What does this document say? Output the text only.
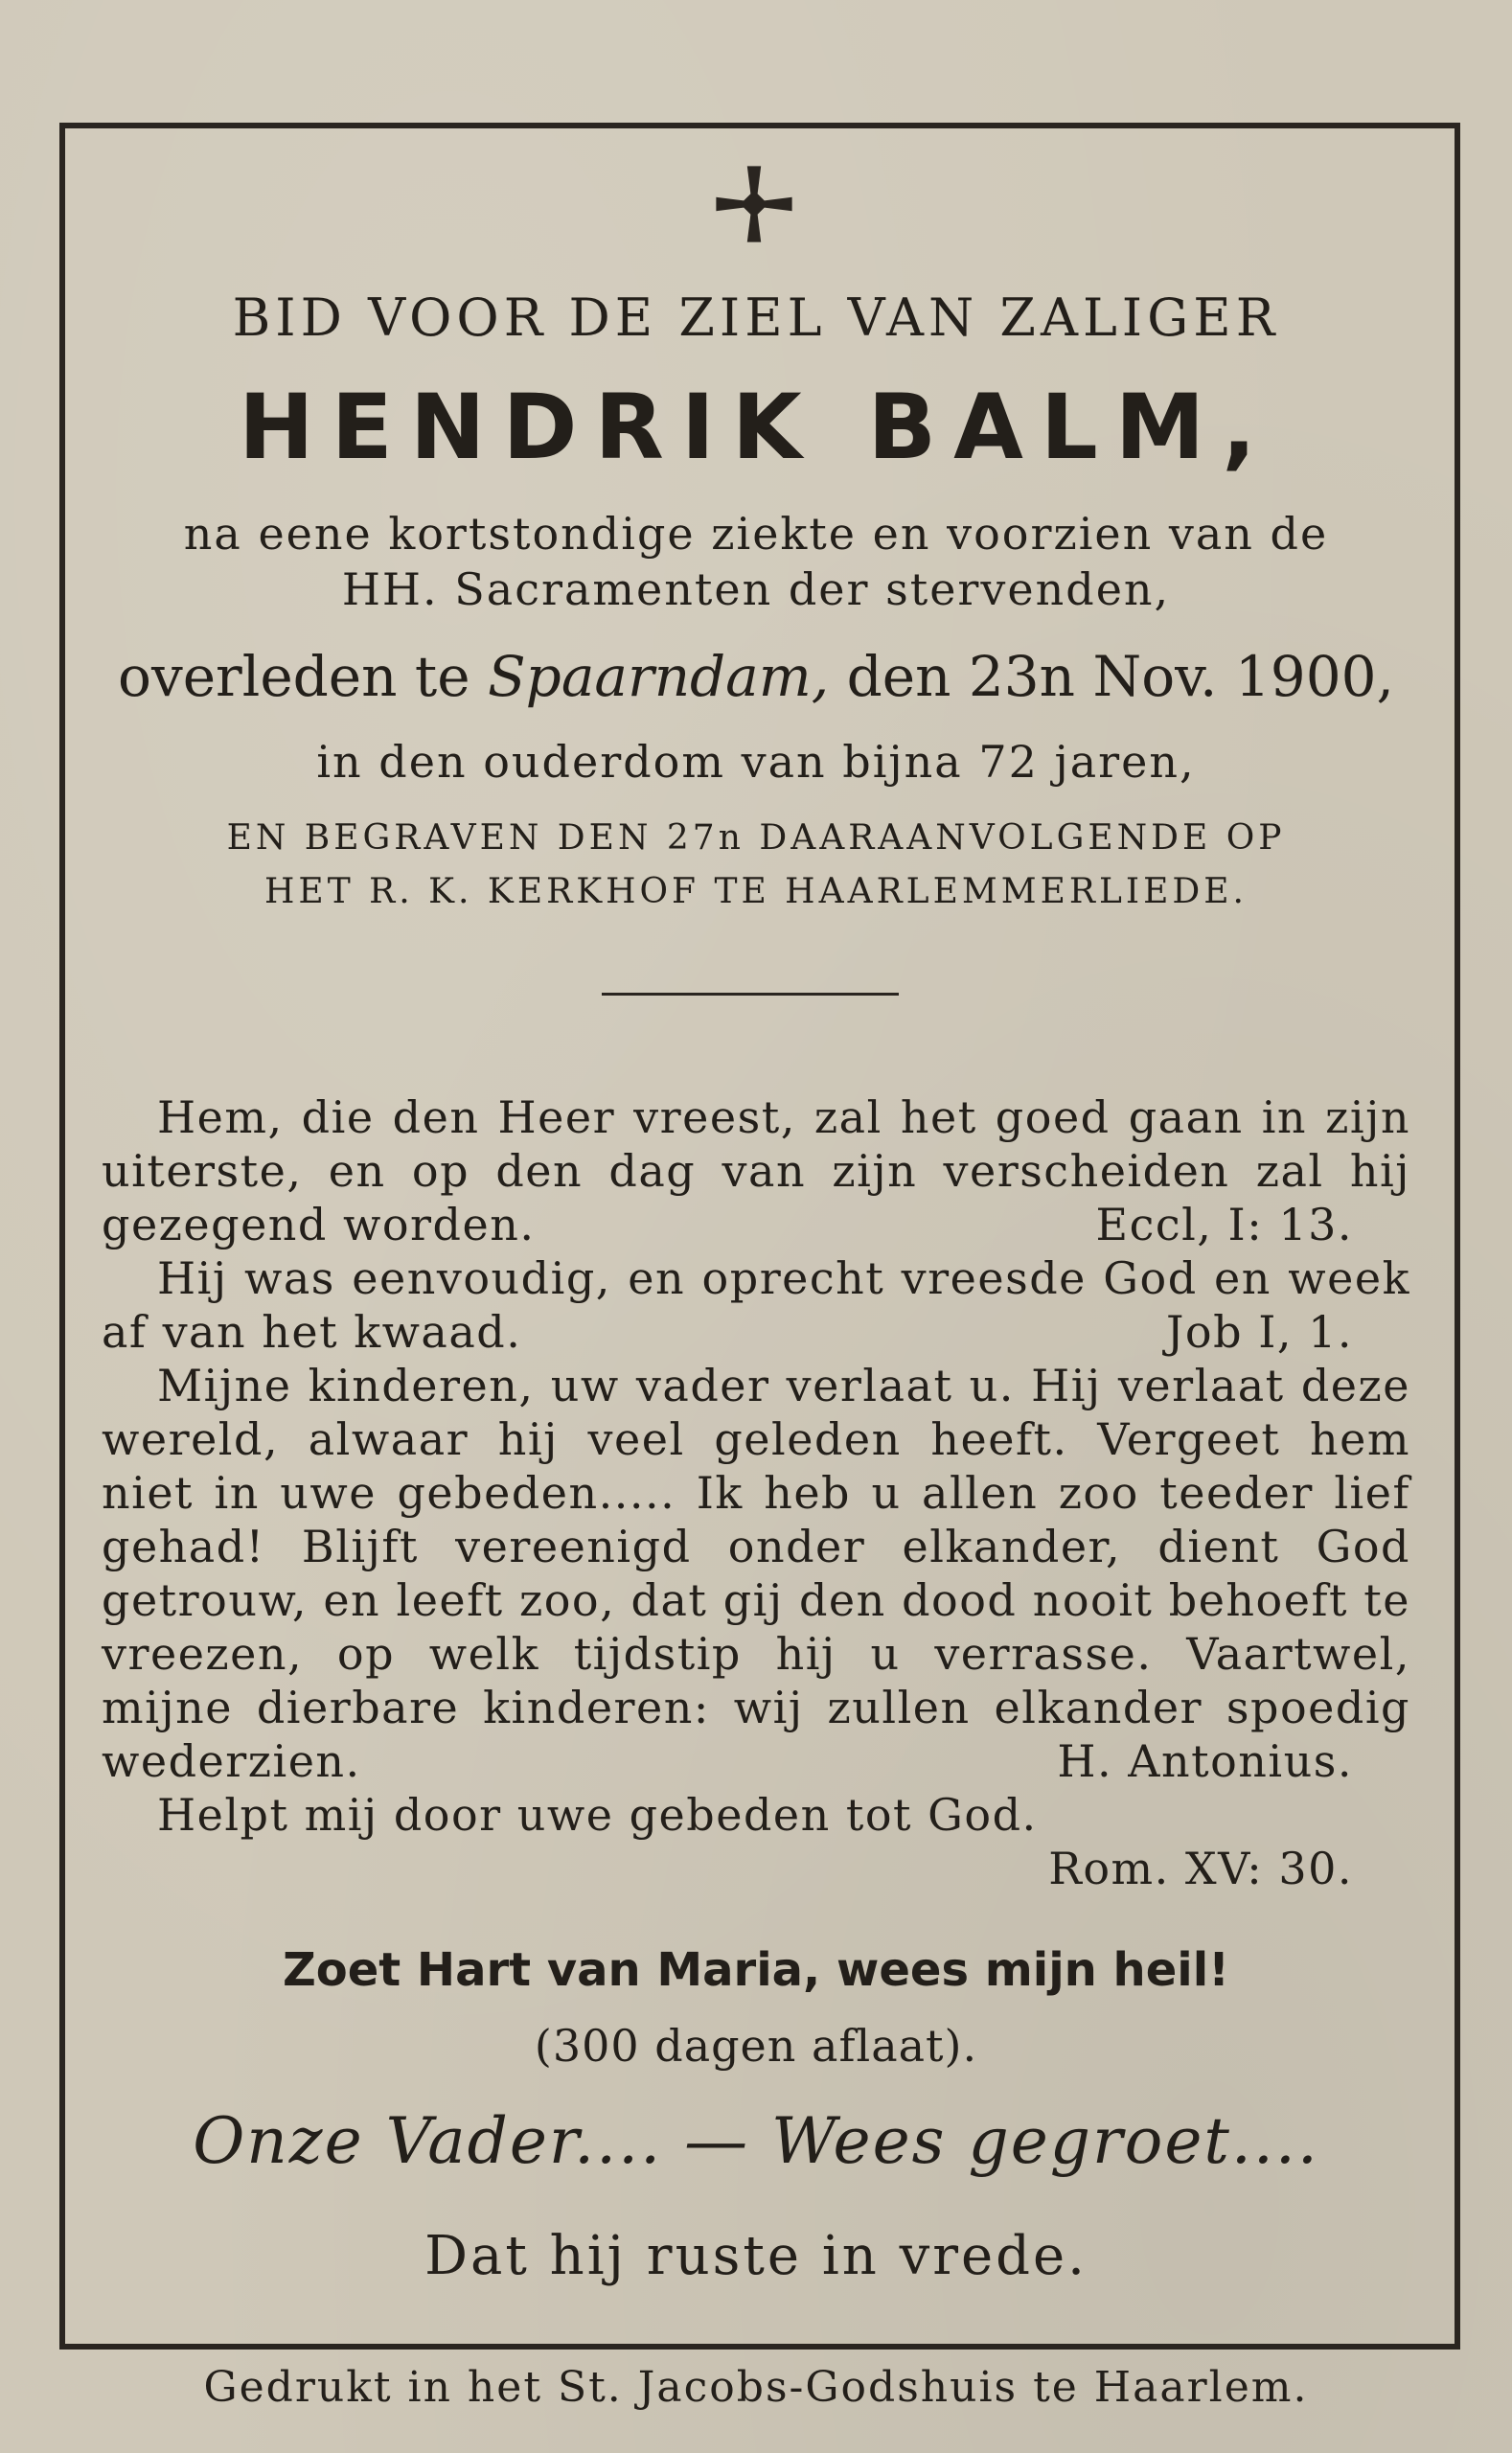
BID VOOR DE ZIEL VAN ZALIGER
HENDRIK BALM,
na eene kortstondige ziekte en voorzien van de
HH. Sacramenten der stervenden,
overleden te Spaarndam, den 23n Nov. 1900,
in den ouderdom van bijna 72 jaren,
EN BEGRAVEN DEN 27n DAARAANVOLGENDE OP
HET R. K. KERKHOF TE HAARLEMMERLIEDE.

Hem, die den Heer vreest, zal het goed gaan in zijn uiterste, en op den dag van zijn verscheiden zal hij gezegend worden.	Eccl, I: 13.

Hij was eenvoudig, en oprecht vreesde God en week af van het kwaad.	Job I, 1.

Mijne kinderen, uw vader verlaat u. Hij verlaat deze wereld, alwaar hij veel geleden heeft. Vergeet hem niet in uwe gebeden..... Ik heb u allen zoo teeder lief gehad! Blijft vereenigd onder elkander, dient God getrouw, en leeft zoo, dat gij den dood nooit behoeft te vreezen, op welk tijdstip hij u verrasse. Vaartwel, mijne dierbare kinderen: wij zullen elkander spoedig wederzien.	H. Antonius.

Helpt mij door uwe gebeden tot God.

Rom. XV: 30.
Zoet Hart van Maria, wees mijn heil!
(300 dagen aflaat).
Onze Vader.... — Wees gegroet....
Dat hij ruste in vrede.
Gedrukt in het St. Jacobs-Godshuis te Haarlem.
